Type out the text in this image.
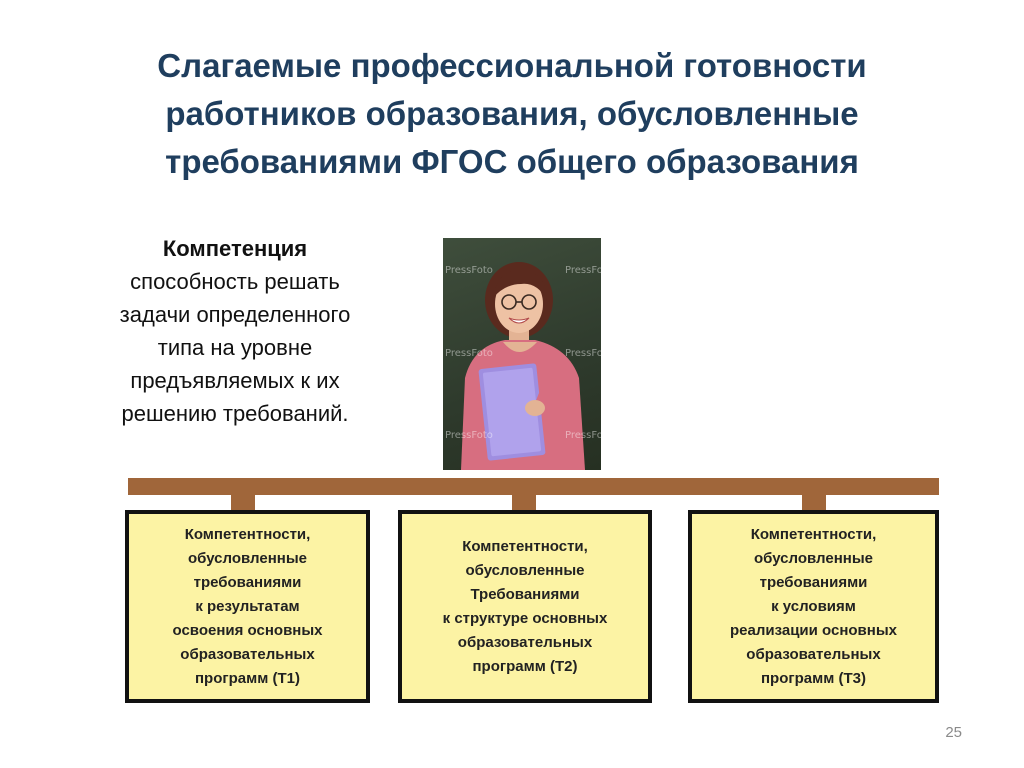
Слагаемые профессиональной готовности
работников образования, обусловленные
требованиями ФГОС общего образования
Компетенция
способность решать
задачи определенного
типа на уровне
предъявляемых к их
решению требований.
PressFoto	PressFoto
PressFoto	PressFoto
PressFoto	PressFoto
Компетентности,
обусловленные
требованиями
к результатам
освоения основных
образовательных
программ (Т1)
Компетентности,
обусловленные
Требованиями
к структуре основных
образовательных
программ (Т2)
Компетентности,
обусловленные
требованиями
к условиям
реализации основных
образовательных
программ (Т3)
25
